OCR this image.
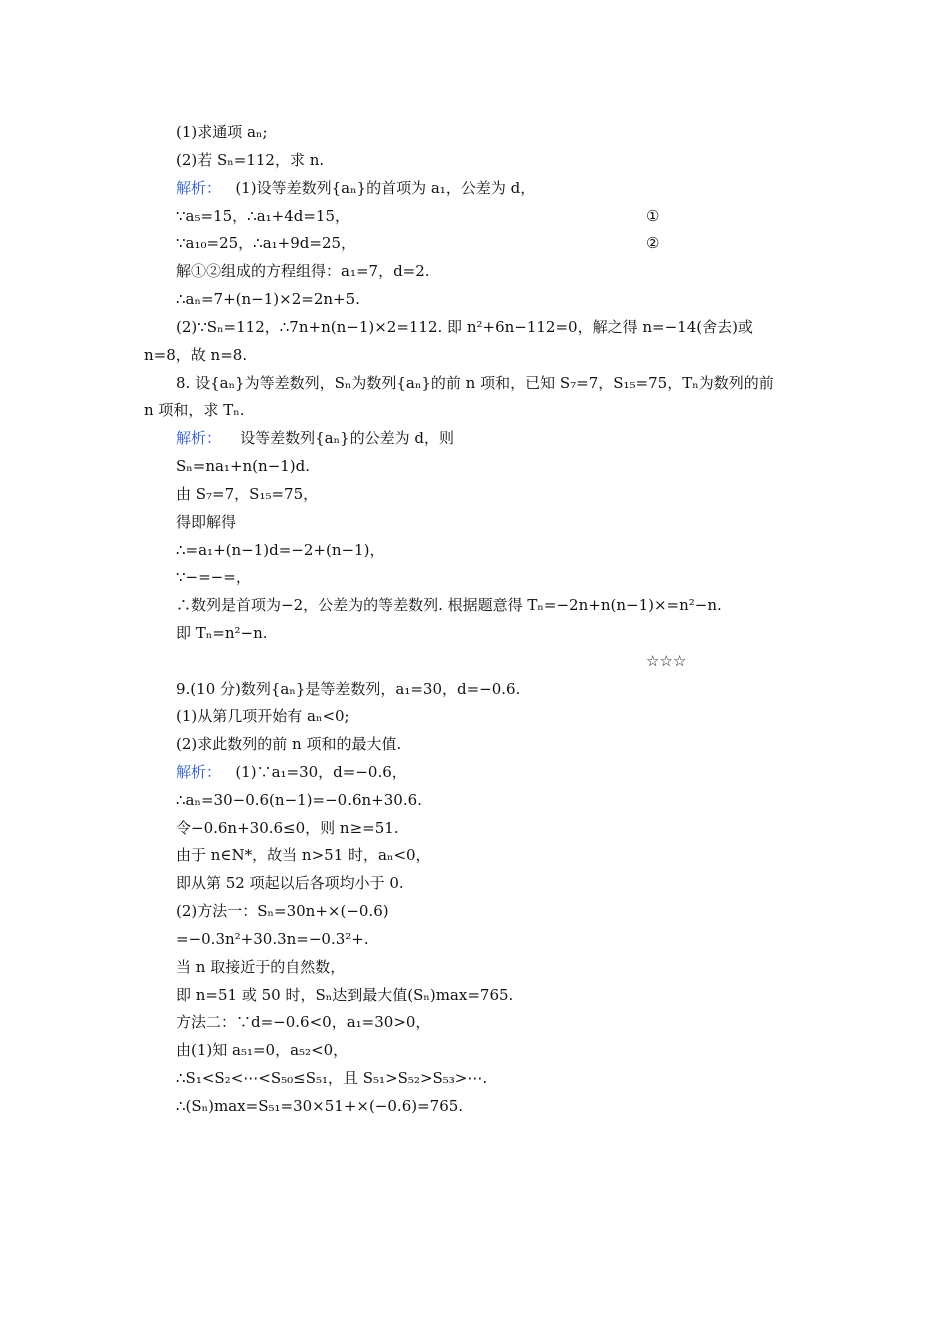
(1)求通项 aₙ;
(2)若 Sₙ=112，求 n.
解析： (1)设等差数列{aₙ}的首项为 a₁，公差为 d，
∵a₅=15，∴a₁+4d=15，	①
∵a₁₀=25，∴a₁+9d=25，	②
解①②组成的方程组得：a₁=7，d=2.
∴aₙ=7+(n−1)×2=2n+5.
(2)∵Sₙ=112，∴7n+n(n−1)×2=112. 即 n²+6n−112=0，解之得 n=−14(舍去)或
n=8，故 n=8.
8. 设{aₙ}为等差数列，Sₙ为数列{aₙ}的前 n 项和，已知 S₇=7，S₁₅=75，Tₙ为数列的前
n 项和，求 Tₙ.
解析： 设等差数列{aₙ}的公差为 d，则
Sₙ=na₁+n(n−1)d.
由 S₇=7，S₁₅=75，
得即解得
∴=a₁+(n−1)d=−2+(n−1)，
∵−=−=，
∴数列是首项为−2，公差为的等差数列. 根据题意得 Tₙ=−2n+n(n−1)×=n²−n.
即 Tₙ=n²−n.
☆☆☆
9.(10 分)数列{aₙ}是等差数列，a₁=30，d=−0.6.
(1)从第几项开始有 aₙ<0;
(2)求此数列的前 n 项和的最大值.
解析： (1)∵a₁=30，d=−0.6，
∴aₙ=30−0.6(n−1)=−0.6n+30.6.
令−0.6n+30.6≤0，则 n≥=51.
由于 n∈N*，故当 n>51 时，aₙ<0，
即从第 52 项起以后各项均小于 0.
(2)方法一：Sₙ=30n+×(−0.6)
=−0.3n²+30.3n=−0.3²+.
当 n 取接近于的自然数，
即 n=51 或 50 时，Sₙ达到最大值(Sₙ)max=765.
方法二：∵d=−0.6<0，a₁=30>0，
由(1)知 a₅₁=0，a₅₂<0，
∴S₁<S₂<⋯<S₅₀≤S₅₁，且 S₅₁>S₅₂>S₅₃>⋯.
∴(Sₙ)max=S₅₁=30×51+×(−0.6)=765.
